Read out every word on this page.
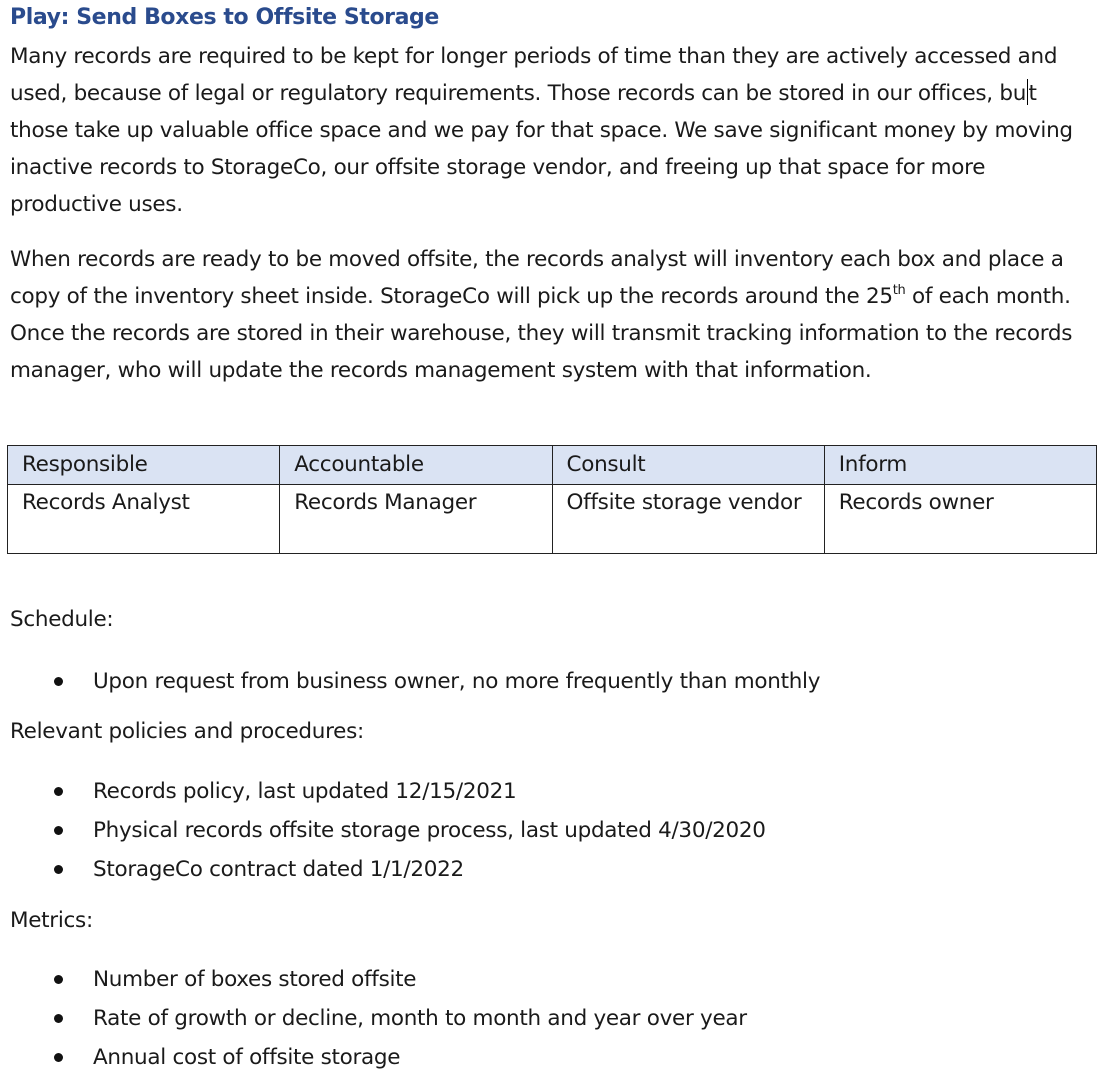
Play: Send Boxes to Offsite Storage

Many records are required to be kept for longer periods of time than they are actively accessed and used, because of legal or regulatory requirements. Those records can be stored in our offices, bu t those take up valuable office space and we pay for that space. We save significant money by moving inactive records to StorageCo, our offsite storage vendor, and freeing up that space for more productive uses.

When records are ready to be moved offsite, the records analyst will inventory each box and place a copy of the inventory sheet inside. StorageCo will pick up the records around the 25th of each month. Once the records are stored in their warehouse, they will transmit tracking information to the records manager, who will update the records management system with that information.

Responsible	Accountable	Consult	Inform
Records Analyst	Records Manager	Offsite storage vendor	Records owner
Schedule:
Upon request from business owner, no more frequently than monthly
Relevant policies and procedures:
Records policy, last updated 12/15/2021
Physical records offsite storage process, last updated 4/30/2020
StorageCo contract dated 1/1/2022
Metrics:
Number of boxes stored offsite
Rate of growth or decline, month to month and year over year
Annual cost of offsite storage
